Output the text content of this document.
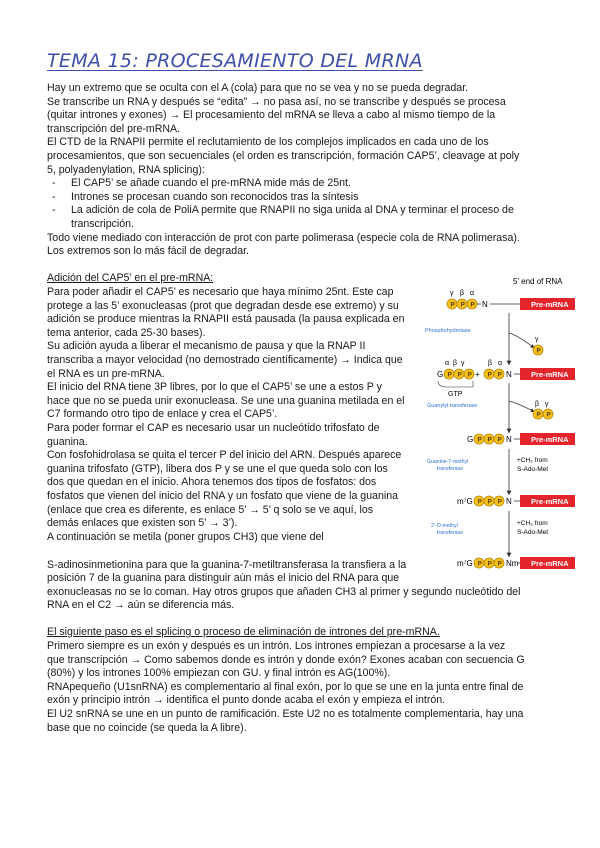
TEMA 15: PROCESAMIENTO DEL MRNA
Hay un extremo que se oculta con el A (cola) para que no se vea y no se pueda degradar.
Se transcribe un RNA y después se “edita” → no pasa así, no se transcribe y después se procesa
(quitar intrones y exones) → El procesamiento del mRNA se lleva a cabo al mismo tiempo de la
transcripción del pre-mRNA.
El CTD de la RNAPII permite el reclutamiento de los complejos implicados en cada uno de los
procesamientos, que son secuenciales (el orden es transcripción, formación CAP5’, cleavage at poly
5, polyadenylation, RNA splicing):
- El CAP5’ se añade cuando el pre-mRNA mide más de 25nt.
- Intrones se procesan cuando son reconocidos tras la síntesis
- La adición de cola de PoliA permite que RNAPII no siga unida al DNA y terminar el proceso de
transcripción.
Todo viene mediado con interacción de prot con parte polimerasa (especie cola de RNA polimerasa).
Los extremos son lo más fácil de degradar.
Adición del CAP5’ en el pre-mRNA:
Para poder añadir el CAP5’ es necesario que haya mínimo 25nt. Este cap
protege a las 5’ exonucleasas (prot que degradan desde ese extremo) y su
adición se produce mientras la RNAPII está pausada (la pausa explicada en
tema anterior, cada 25-30 bases).
Su adición ayuda a liberar el mecanismo de pausa y que la RNAP II
transcriba a mayor velocidad (no demostrado científicamente) → Indica que
el RNA es un pre-mRNA.
El inicio del RNA tiene 3P libres, por lo que el CAP5’ se une a estos P y
hace que no se pueda unir exonucleasa. Se une una guanina metilada en el
C7 formando otro tipo de enlace y crea el CAP5’.
Para poder formar el CAP es necesario usar un nucleótido trifosfato de
guanina.
Con fosfohidrolasa se quita el tercer P del inicio del ARN. Después aparece
guanina trifosfato (GTP), libera dos P y se une el que queda solo con los
dos que quedan en el inicio. Ahora tenemos dos tipos de fosfatos: dos
fosfatos que vienen del inicio del RNA y un fosfato que viene de la guanina
(enlace que crea es diferente, es enlace 5’ → 5’ q solo se ve aquí, los
demás enlaces que existen son 5’ → 3’).
A continuación se metila (poner grupos CH3) que viene del
S-adinosinmetionina para que la guanina-7-metiltransferasa la transfiera a la
posición 7 de la guanina para distinguir aún más el inicio del RNA para que
exonucleasas no se lo coman. Hay otros grupos que añaden CH3 al primer y segundo nucleótido del
RNA en el C2 → aún se diferencia más.
El siguiente paso es el splicing o proceso de eliminación de intrones del pre-mRNA.
Primero siempre es un exón y después es un intrón. Los intrones empiezan a procesarse a la vez
que transcripción → Como sabemos donde es intrón y donde exón? Exones acaban con secuencia G
(80%) y los intrones 100% empiezan con GU. y final intrón es AG(100%).
RNApequeño (U1snRNA) es complementario al final exón, por lo que se une en la junta entre final de
exón y principio intrón → identifica el punto donde acaba el exón y empieza el intrón.
El U2 snRNA se une en un punto de ramificación. Este U2 no es totalmente complementaria, hay una
base que no coincide (se queda la A libre).
5’ end of RNA
γ β α
P P P N	Pre-mRNA
Phosphohydrolase
γ
P
α β γ	β α
G P P P + P P N	Pre-mRNA
GTP
Guanylyl transferase	β γ
P P
G P P P N	Pre-mRNA
Guanine-7-methyl
transferase
+CH₃ from
S-Ado-Met
m⁷G P P P N	Pre-mRNA
2’-O-methyl
transferase
+CH₃ from
S-Ado-Met
m⁷G P P P Nm Pre-mRNA
